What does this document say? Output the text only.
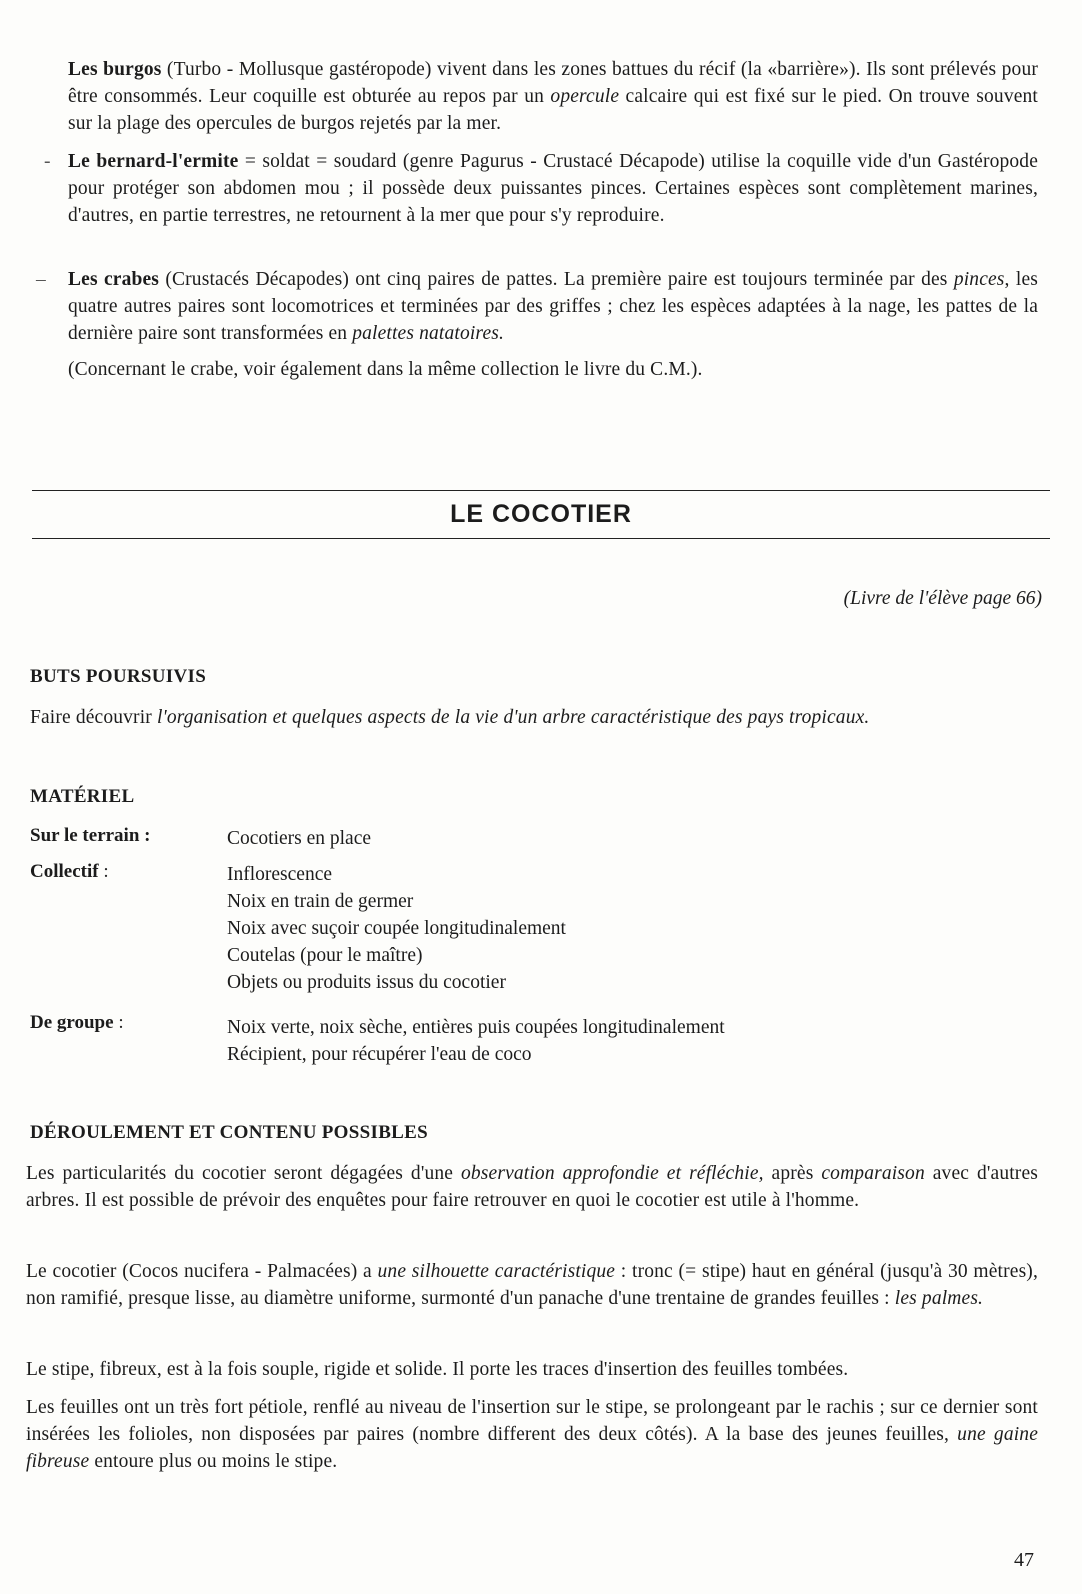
Les burgos (Turbo - Mollusque gastéropode) vivent dans les zones battues du récif (la «barrière»). Ils sont prélevés pour être consommés. Leur coquille est obturée au repos par un opercule calcaire qui est fixé sur le pied. On trouve souvent sur la plage des opercules de burgos rejetés par la mer.

- Le bernard-l'ermite = soldat = soudard (genre Pagurus - Crustacé Décapode) utilise la coquille vide d'un Gastéropode pour protéger son abdomen mou ; il possède deux puissantes pinces. Certaines espèces sont complètement marines, d'autres, en partie terrestres, ne retournent à la mer que pour s'y reproduire.

– Les crabes (Crustacés Décapodes) ont cinq paires de pattes. La première paire est toujours terminée par des pinces, les quatre autres paires sont locomotrices et terminées par des griffes ; chez les espèces adaptées à la nage, les pattes de la dernière paire sont transformées en palettes natatoires.

(Concernant le crabe, voir également dans la même collection le livre du C.M.).

LE COCOTIER
(Livre de l'élève page 66)
BUTS POURSUIVIS

Faire découvrir l'organisation et quelques aspects de la vie d'un arbre caractéristique des pays tropicaux.

MATÉRIEL
Sur le terrain :	Cocotiers en place
Collectif :	Inflorescence
Noix en train de germer
Noix avec suçoir coupée longitudinalement
Coutelas (pour le maître)
Objets ou produits issus du cocotier
De groupe :	Noix verte, noix sèche, entières puis coupées longitudinalement
Récipient, pour récupérer l'eau de coco
DÉROULEMENT ET CONTENU POSSIBLES

Les particularités du cocotier seront dégagées d'une observation approfondie et réfléchie, après comparaison avec d'autres arbres. Il est possible de prévoir des enquêtes pour faire retrouver en quoi le cocotier est utile à l'homme.

Le cocotier (Cocos nucifera - Palmacées) a une silhouette caractéristique : tronc (= stipe) haut en général (jusqu'à 30 mètres), non ramifié, presque lisse, au diamètre uniforme, surmonté d'un panache d'une trentaine de grandes feuilles : les palmes.

Le stipe, fibreux, est à la fois souple, rigide et solide. Il porte les traces d'insertion des feuilles tombées.

Les feuilles ont un très fort pétiole, renflé au niveau de l'insertion sur le stipe, se prolongeant par le rachis ; sur ce dernier sont insérées les folioles, non disposées par paires (nombre different des deux côtés). A la base des jeunes feuilles, une gaine fibreuse entoure plus ou moins le stipe.

47
